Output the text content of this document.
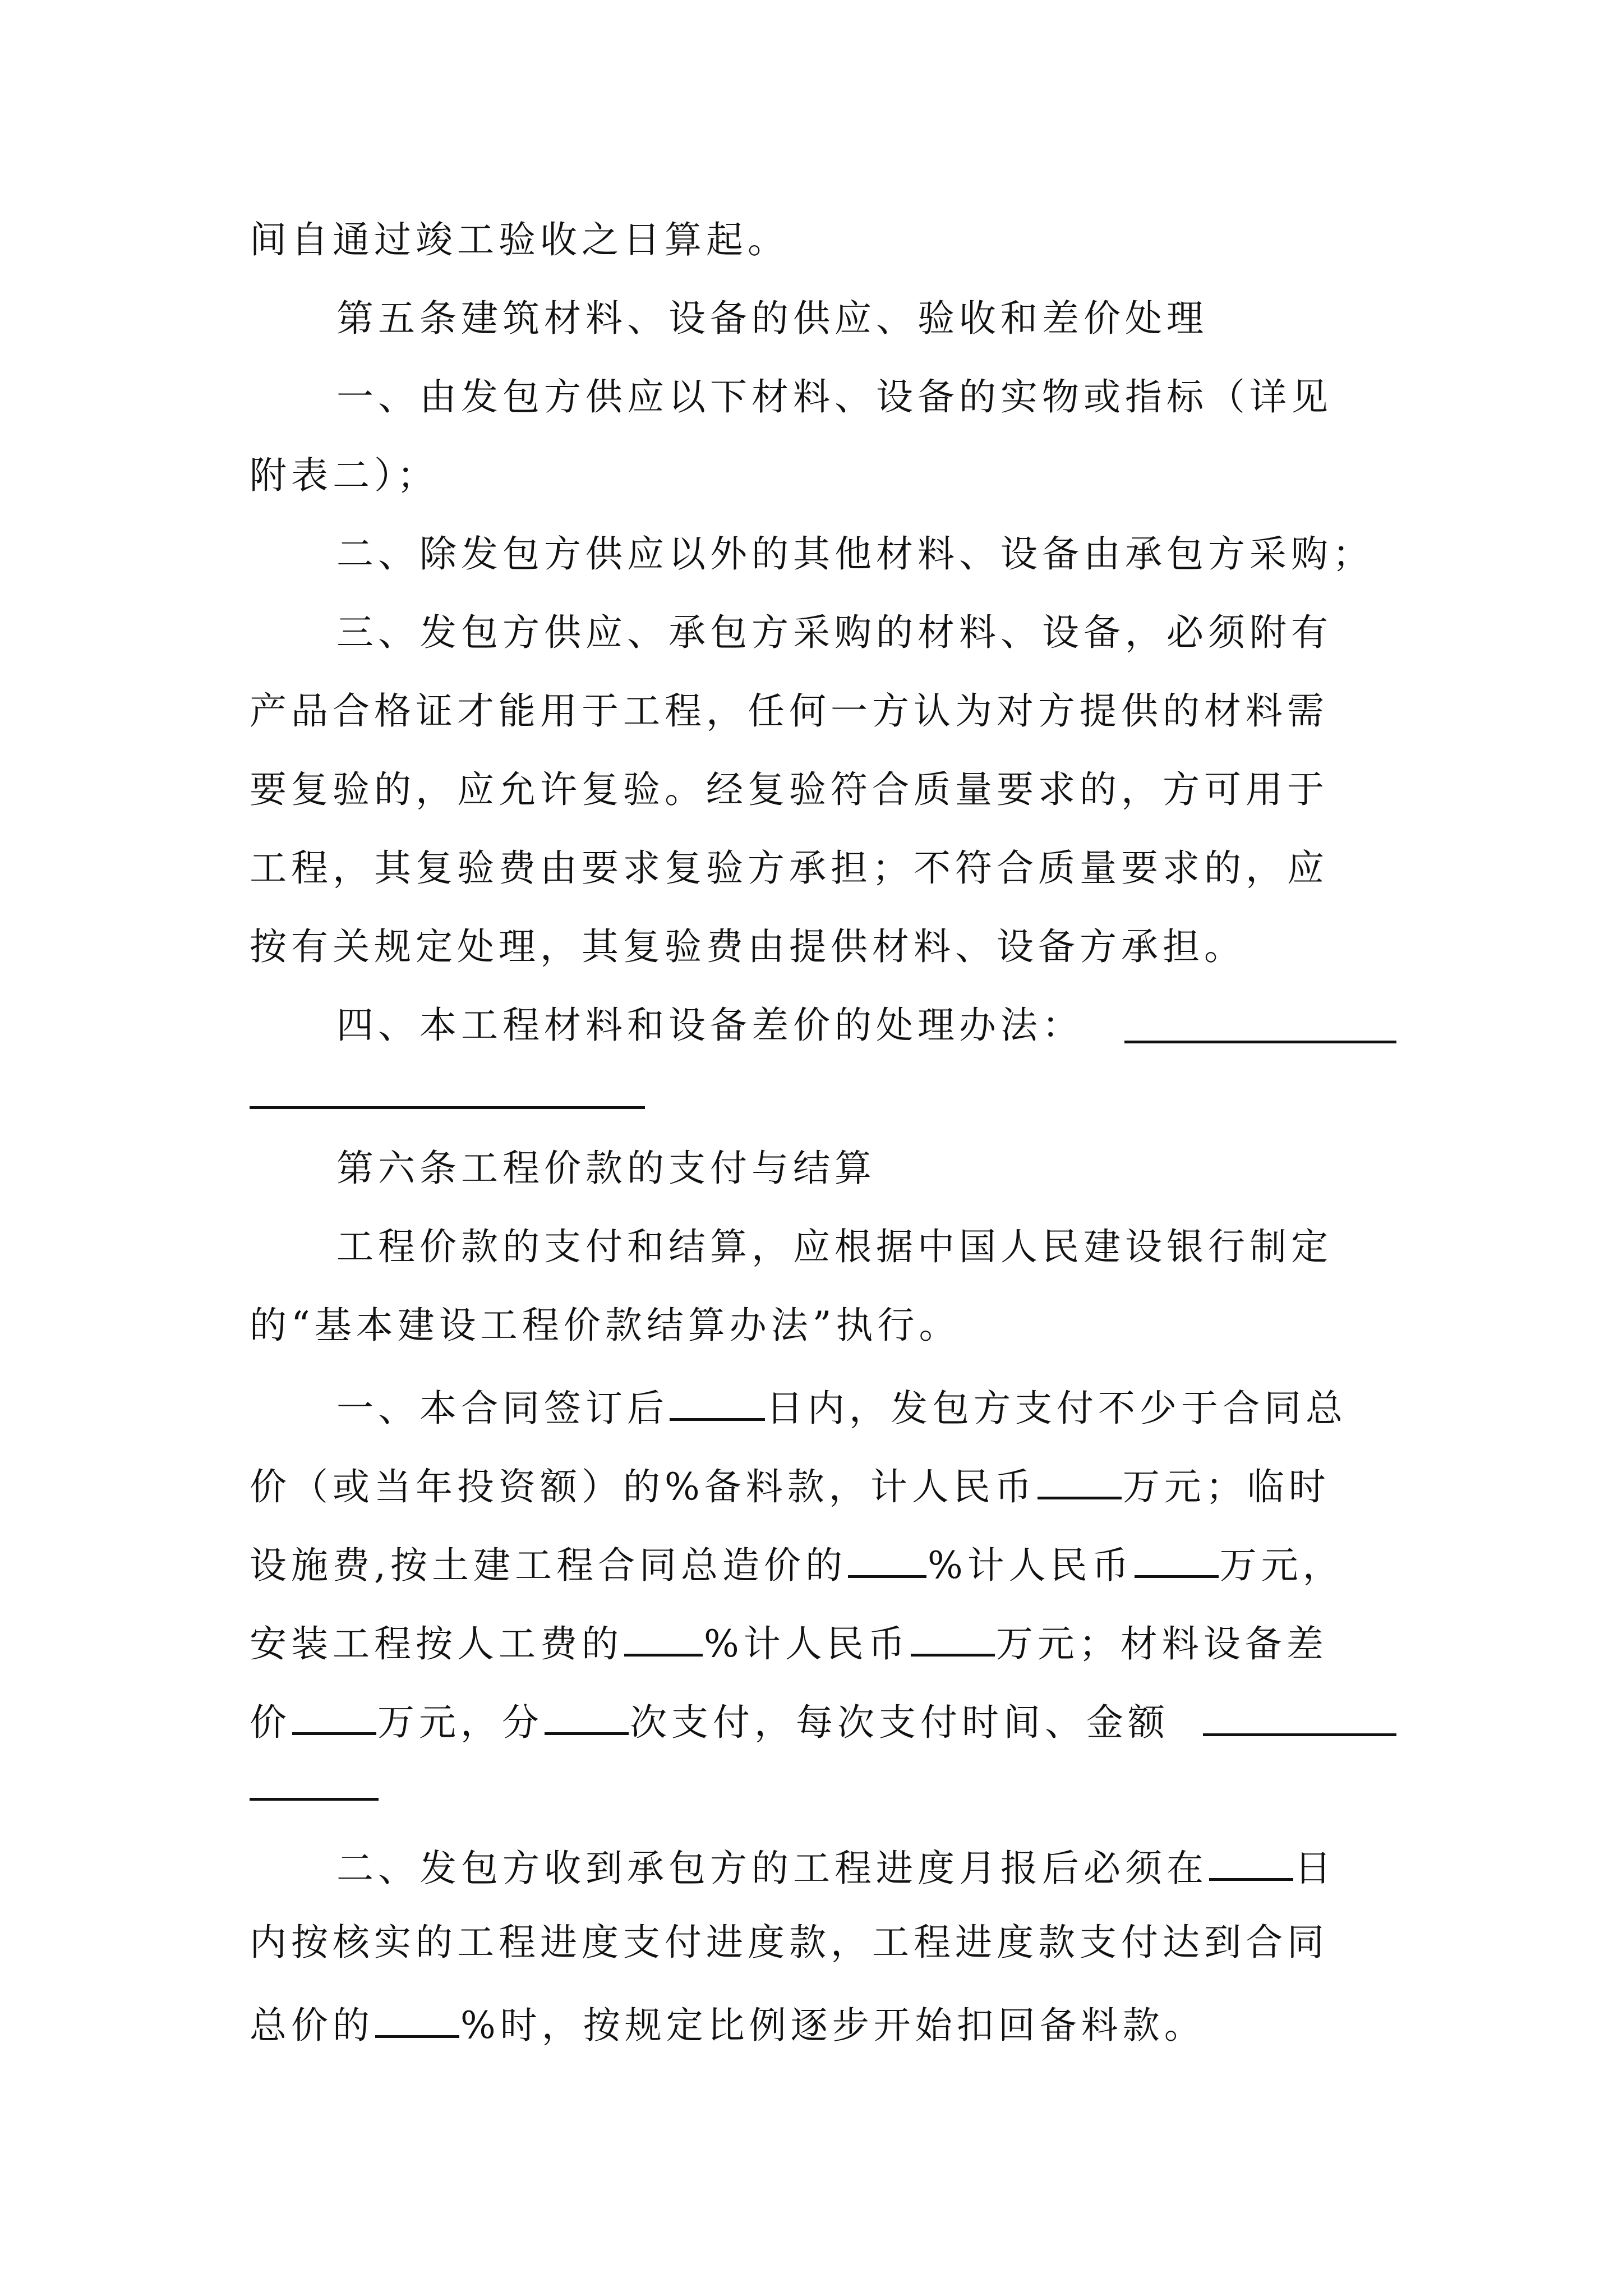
间自通过竣工验收之日算起。
第五条建筑材料、设备的供应、验收和差价处理
一、由发包方供应以下材料、设备的实物或指标（详见
附表二）；
二、除发包方供应以外的其他材料、设备由承包方采购；
三、发包方供应、承包方采购的材料、设备，必须附有
产品合格证才能用于工程，任何一方认为对方提供的材料需
要复验的，应允许复验。经复验符合质量要求的，方可用于
工程，其复验费由要求复验方承担；不符合质量要求的，应
按有关规定处理，其复验费由提供材料、设备方承担。
四、本工程材料和设备差价的处理办法：
第六条工程价款的支付与结算
工程价款的支付和结算，应根据中国人民建设银行制定
的“基本建设工程价款结算办法”执行。
一、本合同签订后	日内，发包方支付不少于合同总
价（或当年投资额）的%备料款，计人民币 万元；临时
设施费,按土建工程合同总造价的 %计人民币 万元，
安装工程按人工费的 %计人民币 万元；材料设备差
价 万元，分 次支付，每次支付时间、金额
二、发包方收到承包方的工程进度月报后必须在 日
内按核实的工程进度支付进度款，工程进度款支付达到合同
总价的 %时，按规定比例逐步开始扣回备料款。
